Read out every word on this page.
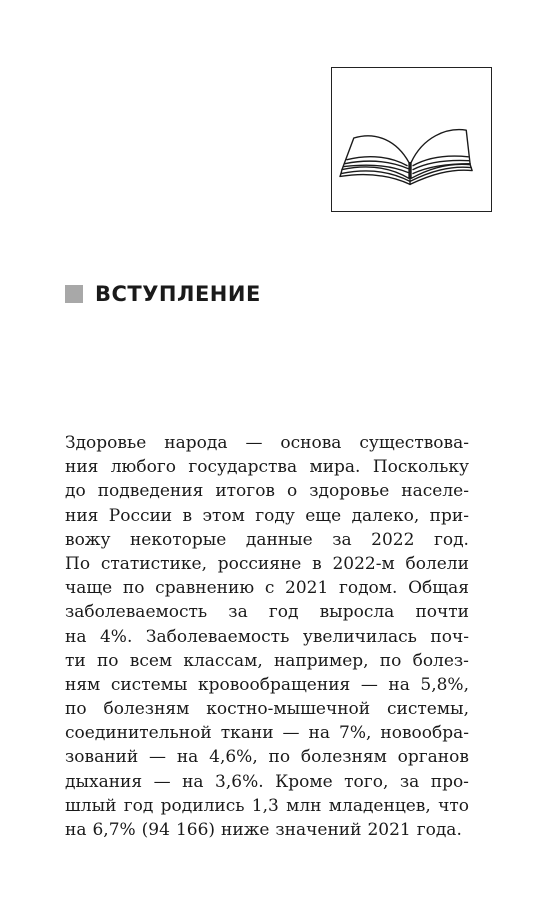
ВСТУПЛЕНИЕ
Здоровье народа — основа существова-
ния любого государства мира. Поскольку
до подведения итогов о здоровье населе-
ния России в этом году еще далеко, при-
вожу некоторые данные за 2022 год.
По статистике, россияне в 2022-м болели
чаще по сравнению с 2021 годом. Общая
заболеваемость за год выросла почти
на 4%. Заболеваемость увеличилась поч-
ти по всем классам, например, по болез-
ням системы кровообращения — на 5,8%,
по болезням костно-мышечной системы,
соединительной ткани — на 7%, новообра-
зований — на 4,6%, по болезням органов
дыхания — на 3,6%. Кроме того, за про-
шлый год родились 1,3 млн младенцев, что
на 6,7% (94 166) ниже значений 2021 года.
